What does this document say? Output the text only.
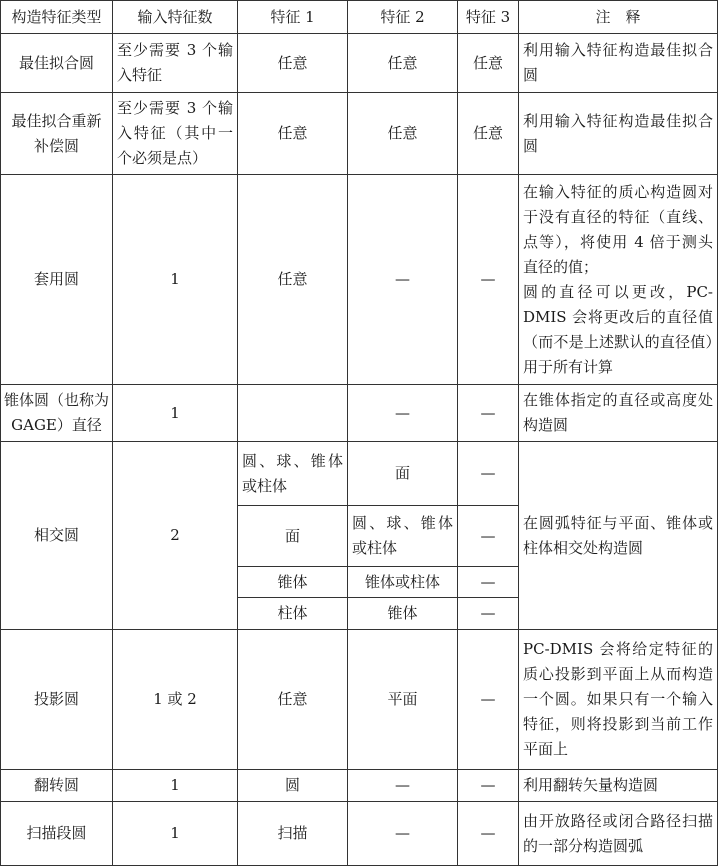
构造特征类型	输入特征数	特征 1	特征 2	特征 3	注　释
最佳拟合圆	至少需要 3 个输入特征	任意	任意	任意	利用输入特征构造最佳拟合圆
最佳拟合重新补偿圆	至少需要 3 个输入特征（其中一个必须是点）	任意	任意	任意	利用输入特征构造最佳拟合圆
套用圆	1	任意	—	—	在输入特征的质心构造圆对于没有直径的特征（直线、点等），将使用 4 倍于测头直径的值；
圆的直径可以更改，PC-DMIS 会将更改后的直径值（而不是上述默认的直径值）用于所有计算

锥体圆（也称为GAGE）直径	1		—	—	在锥体指定的直径或高度处构造圆
相交圆	2	圆、球、锥体或柱体	面	—	在圆弧特征与平面、锥体或柱体相交处构造圆
		面	圆、球、锥体或柱体	—	
		锥体	锥体或柱体	—	
		柱体	锥体	—	
投影圆	1 或 2	任意	平面	—	PC-DMIS 会将给定特征的质心投影到平面上从而构造一个圆。如果只有一个输入特征，则将投影到当前工作平面上
翻转圆	1	圆	—	—	利用翻转矢量构造圆
扫描段圆	1	扫描	—	—	由开放路径或闭合路径扫描的一部分构造圆弧
